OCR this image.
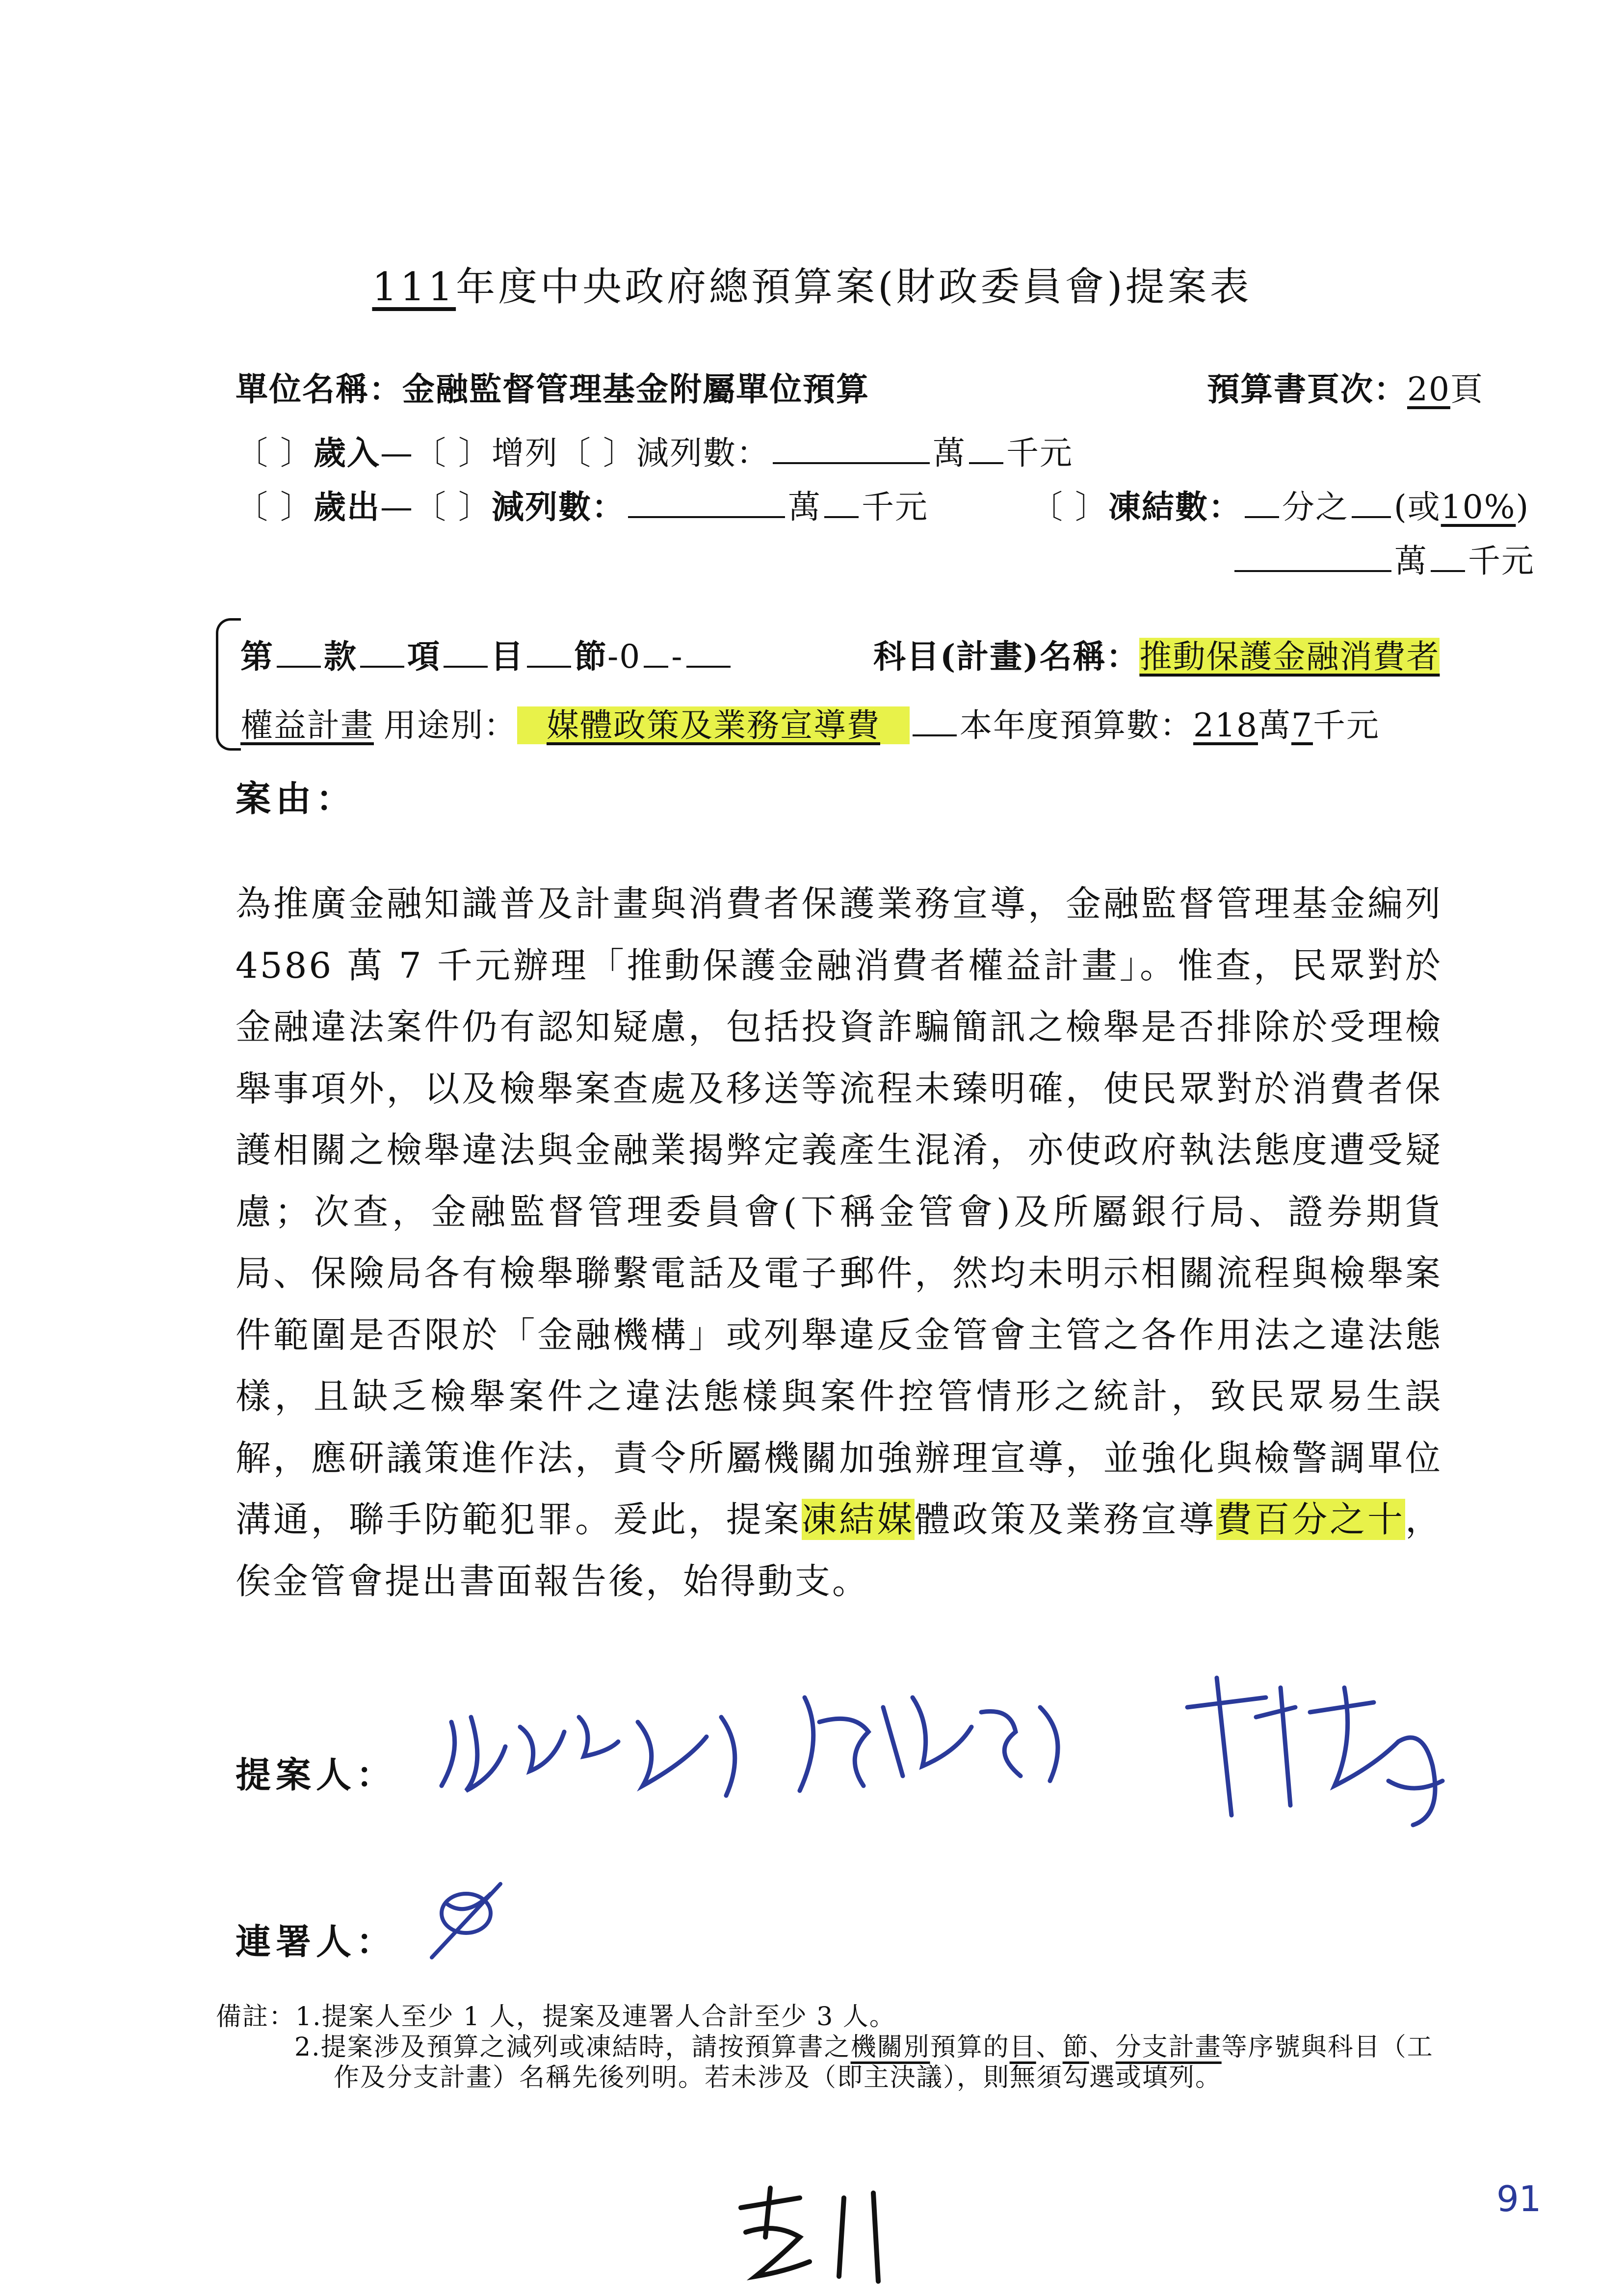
111年度中央政府總預算案(財政委員會)提案表
單位名稱：金融監督管理基金附屬單位預算	預算書頁次：20頁
〔 〕歲入—〔 〕增列〔 〕減列數：	萬 千元
〔 〕歲出—〔 〕減列數：	萬 千元	〔 〕凍結數： 分之 (或10%)
萬 千元
第 款 項 目 節-0 -	科目(計畫)名稱：推動保護金融消費者
權益計畫 用途別： 媒體政策及業務宣導費 本年度預算數：218萬7千元
案由：
為推廣金融知識普及計畫與消費者保護業務宣導，金融監督管理基金編列 4586 萬 7 千元辦理「推動保護金融消費者權益計畫」。惟查，民眾對於金融違法案件仍有認知疑慮，包括投資詐騙簡訊之檢舉是否排除於受理檢舉事項外，以及檢舉案查處及移送等流程未臻明確，使民眾對於消費者保護相關之檢舉違法與金融業揭弊定義產生混淆，亦使政府執法態度遭受疑慮；次查，金融監督管理委員會(下稱金管會)及所屬銀行局、證券期貨局、保險局各有檢舉聯繫電話及電子郵件，然均未明示相關流程與檢舉案件範圍是否限於「金融機構」或列舉違反金管會主管之各作用法之違法態樣，且缺乏檢舉案件之違法態樣與案件控管情形之統計，致民眾易生誤解，應研議策進作法，責令所屬機關加強辦理宣導，並強化與檢警調單位溝通，聯手防範犯罪。爰此，提案凍結媒體政策及業務宣導費百分之十，俟金管會提出書面報告後，始得動支。
提案人：
連署人：
備註：1.提案人至少 1 人，提案及連署人合計至少 3 人。
2.提案涉及預算之減列或凍結時，請按預算書之機關別預算的目、節、分支計畫等序號與科目（工作及分支計畫）名稱先後列明。若未涉及（即主決議），則無須勾選或填列。
91
